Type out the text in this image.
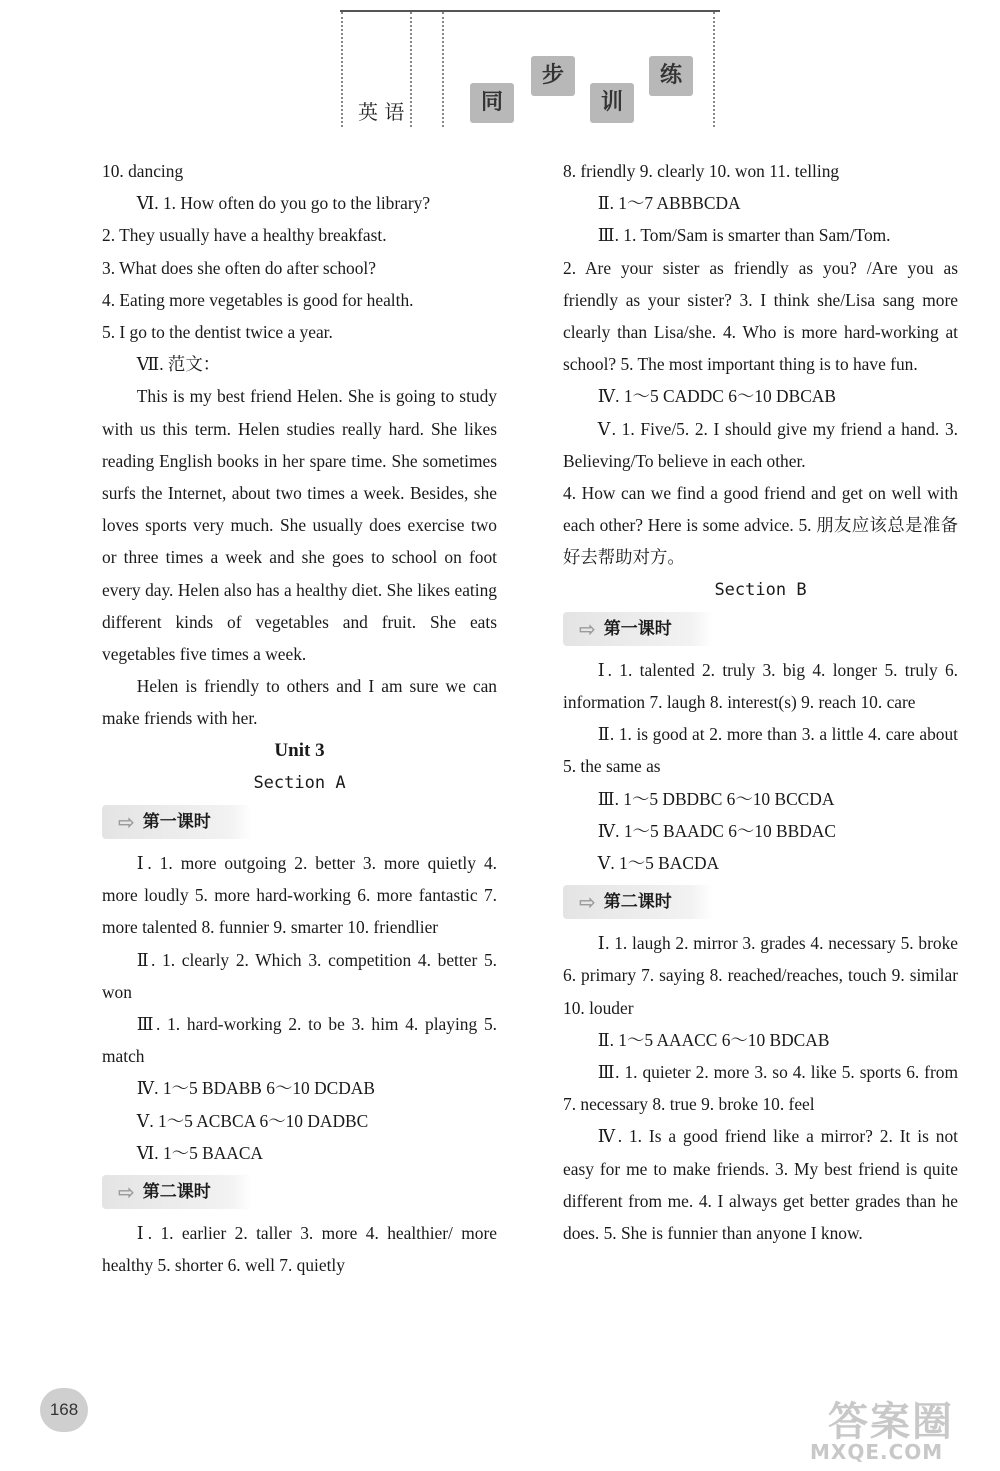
英 语	同
步
训
练

10. dancing

Ⅵ. 1. How often do you go to the library?

2. They usually have a healthy breakfast.

3. What does she often do after school?

4. Eating more vegetables is good for health.

5. I go to the dentist twice a year.

Ⅶ. 范文：

This is my best friend Helen. She is going to study with us this term. Helen studies really hard. She likes reading English books in her spare time. She sometimes surfs the Internet, about two times a week. Besides, she loves sports very much. She usually does exercise two or three times a week and she goes to school on foot every day. Helen also has a healthy diet. She likes eating different kinds of vegetables and fruit. She eats vegetables five times a week.

Helen is friendly to others and I am sure we can make friends with her.

Unit 3

Section A

⇨ 第一课时

Ⅰ. 1. more outgoing 2. better 3. more quietly 4. more loudly 5. more hard-working 6. more fantastic 7. more talented 8. funnier 9. smarter 10. friendlier

Ⅱ. 1. clearly 2. Which 3. competition 4. better 5. won

Ⅲ. 1. hard-working 2. to be 3. him 4. playing 5. match

Ⅳ. 1～5 BDABB 6～10 DCDAB

Ⅴ. 1～5 ACBCA 6～10 DADBC

Ⅵ. 1～5 BAACA

⇨ 第二课时

Ⅰ. 1. earlier 2. taller 3. more 4. healthier/ more healthy 5. shorter 6. well 7. quietly

8. friendly 9. clearly 10. won 11. telling

Ⅱ. 1～7 ABBBCDA

Ⅲ. 1. Tom/Sam is smarter than Sam/Tom.

2. Are your sister as friendly as you? /Are you as friendly as your sister? 3. I think she/Lisa sang more clearly than Lisa/she. 4. Who is more hard-working at school? 5. The most important thing is to have fun.

Ⅳ. 1～5 CADDC 6～10 DBCAB

Ⅴ. 1. Five/5. 2. I should give my friend a hand. 3. Believing/To believe in each other.

4. How can we find a good friend and get on well with each other? Here is some advice. 5. 朋友应该总是准备好去帮助对方。

Section B

⇨ 第一课时

Ⅰ. 1. talented 2. truly 3. big 4. longer 5. truly 6. information 7. laugh 8. interest(s) 9. reach 10. care

Ⅱ. 1. is good at 2. more than 3. a little 4. care about 5. the same as

Ⅲ. 1～5 DBDBC 6～10 BCCDA

Ⅳ. 1～5 BAADC 6～10 BBDAC

Ⅴ. 1～5 BACDA

⇨ 第二课时

Ⅰ. 1. laugh 2. mirror 3. grades 4. necessary 5. broke 6. primary 7. saying 8. reached/reaches, touch 9. similar 10. louder

Ⅱ. 1～5 AAACC 6～10 BDCAB

Ⅲ. 1. quieter 2. more 3. so 4. like 5. sports 6. from 7. necessary 8. true 9. broke 10. feel

Ⅳ. 1. Is a good friend like a mirror? 2. It is not easy for me to make friends. 3. My best friend is quite different from me. 4. I always get better grades than he does. 5. She is funnier than anyone I know.

168	答案圈
MXQE.COM
